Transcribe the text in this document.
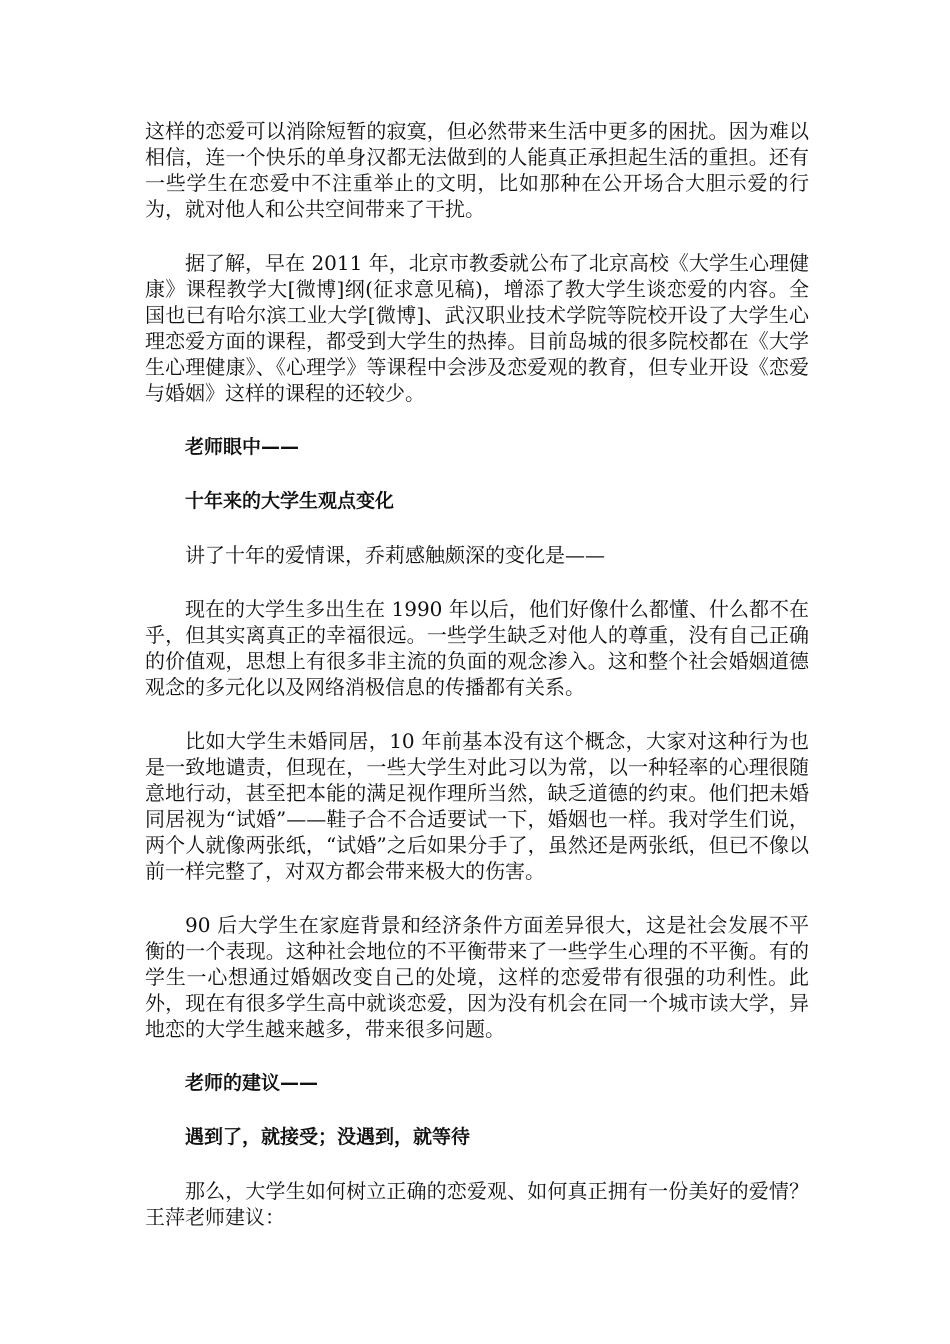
这样的恋爱可以消除短暂的寂寞，但必然带来生活中更多的困扰。因为难以相信，连一个快乐的单身汉都无法做到的人能真正承担起生活的重担。还有一些学生在恋爱中不注重举止的文明，比如那种在公开场合大胆示爱的行为，就对他人和公共空间带来了干扰。

据了解，早在 2011 年，北京市教委就公布了北京高校《大学生心理健康》课程教学大[微博]纲(征求意见稿)，增添了教大学生谈恋爱的内容。全国也已有哈尔滨工业大学[微博]、武汉职业技术学院等院校开设了大学生心理恋爱方面的课程，都受到大学生的热捧。目前岛城的很多院校都在《大学生心理健康》、《心理学》等课程中会涉及恋爱观的教育，但专业开设《恋爱与婚姻》这样的课程的还较少。

老师眼中——

十年来的大学生观点变化

讲了十年的爱情课，乔莉感触颇深的变化是——

现在的大学生多出生在 1990 年以后，他们好像什么都懂、什么都不在乎，但其实离真正的幸福很远。一些学生缺乏对他人的尊重，没有自己正确的价值观，思想上有很多非主流的负面的观念渗入。这和整个社会婚姻道德观念的多元化以及网络消极信息的传播都有关系。

比如大学生未婚同居，10 年前基本没有这个概念，大家对这种行为也是一致地谴责，但现在，一些大学生对此习以为常，以一种轻率的心理很随意地行动，甚至把本能的满足视作理所当然，缺乏道德的约束。他们把未婚同居视为“试婚”——鞋子合不合适要试一下，婚姻也一样。我对学生们说，两个人就像两张纸，“试婚”之后如果分手了，虽然还是两张纸，但已不像以前一样完整了，对双方都会带来极大的伤害。

90 后大学生在家庭背景和经济条件方面差异很大，这是社会发展不平衡的一个表现。这种社会地位的不平衡带来了一些学生心理的不平衡。有的学生一心想通过婚姻改变自己的处境，这样的恋爱带有很强的功利性。此外，现在有很多学生高中就谈恋爱，因为没有机会在同一个城市读大学，异地恋的大学生越来越多，带来很多问题。

老师的建议——

遇到了，就接受；没遇到，就等待

那么，大学生如何树立正确的恋爱观、如何真正拥有一份美好的爱情？王萍老师建议：
